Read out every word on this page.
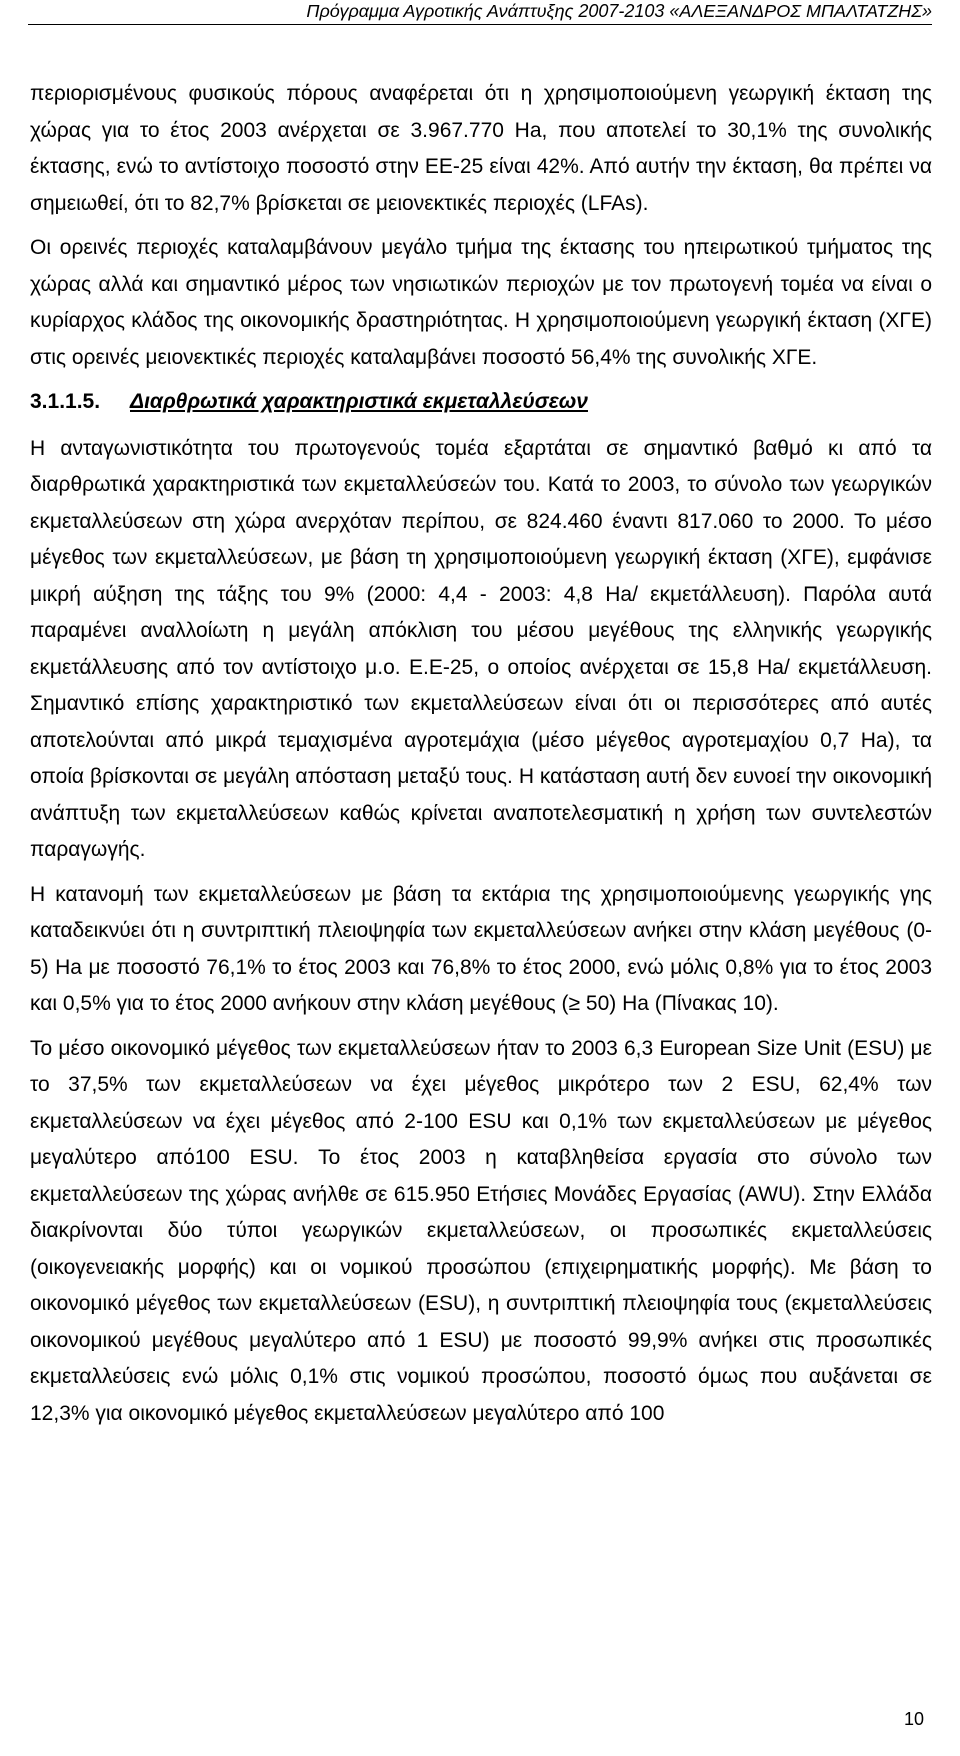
Πρόγραμμα Αγροτικής Ανάπτυξης 2007-2103 «ΑΛΕΞΑΝΔΡΟΣ ΜΠΑΛΤΑΤΖΗΣ»

περιορισμένους φυσικούς πόρους αναφέρεται ότι η χρησιμοποιούμενη γεωργική έκταση της χώρας για το έτος 2003 ανέρχεται σε 3.967.770 Ηa, που αποτελεί το 30,1% της συνολικής έκτασης, ενώ το αντίστοιχο ποσοστό στην ΕΕ-25 είναι 42%. Από αυτήν την έκταση, θα πρέπει να σημειωθεί, ότι το 82,7% βρίσκεται σε μειονεκτικές περιοχές (LFAs).

Οι ορεινές περιοχές καταλαμβάνουν μεγάλο τμήμα της έκτασης του ηπειρωτικού τμήματος της χώρας αλλά και σημαντικό μέρος των νησιωτικών περιοχών με τον πρωτογενή τομέα να είναι ο κυρίαρχος κλάδος της οικονομικής δραστηριότητας. Η χρησιμοποιούμενη γεωργική έκταση (ΧΓΕ) στις ορεινές μειονεκτικές περιοχές καταλαμβάνει ποσοστό 56,4% της συνολικής ΧΓΕ.

3.1.1.5. Διαρθρωτικά χαρακτηριστικά εκμεταλλεύσεων

Η ανταγωνιστικότητα του πρωτογενούς τομέα εξαρτάται σε σημαντικό βαθμό κι από τα διαρθρωτικά χαρακτηριστικά των εκμεταλλεύσεών του. Κατά το 2003, το σύνολο των γεωργικών εκμεταλλεύσεων στη χώρα ανερχόταν περίπου, σε 824.460 έναντι 817.060 το 2000. Το μέσο μέγεθος των εκμεταλλεύσεων, με βάση τη χρησιμοποιούμενη γεωργική έκταση (ΧΓΕ), εμφάνισε μικρή αύξηση της τάξης του 9% (2000: 4,4 - 2003: 4,8 Ha/ εκμετάλλευση). Παρόλα αυτά παραμένει αναλλοίωτη η μεγάλη απόκλιση του μέσου μεγέθους της ελληνικής γεωργικής εκμετάλλευσης από τον αντίστοιχο μ.ο. Ε.Ε-25, ο οποίος ανέρχεται σε 15,8 Ha/ εκμετάλλευση. Σημαντικό επίσης χαρακτηριστικό των εκμεταλλεύσεων είναι ότι οι περισσότερες από αυτές αποτελούνται από μικρά τεμαχισμένα αγροτεμάχια (μέσο μέγεθος αγροτεμαχίου 0,7 Ha), τα οποία βρίσκονται σε μεγάλη απόσταση μεταξύ τους. Η κατάσταση αυτή δεν ευνοεί την οικονομική ανάπτυξη των εκμεταλλεύσεων καθώς κρίνεται αναποτελεσματική η χρήση των συντελεστών παραγωγής.

Η κατανομή των εκμεταλλεύσεων με βάση τα εκτάρια της χρησιμοποιούμενης γεωργικής γης καταδεικνύει ότι η συντριπτική πλειοψηφία των εκμεταλλεύσεων ανήκει στην κλάση μεγέθους (0-5) Ηa με ποσοστό 76,1% το έτος 2003 και 76,8% το έτος 2000, ενώ μόλις 0,8% για το έτος 2003 και 0,5% για το έτος 2000 ανήκουν στην κλάση μεγέθους (≥ 50) Ηa (Πίνακας 10).

Το μέσο οικονομικό μέγεθος των εκμεταλλεύσεων ήταν το 2003 6,3 European Size Unit (ESU) με το 37,5% των εκμεταλλεύσεων να έχει μέγεθος μικρότερο των 2 ESU, 62,4% των εκμεταλλεύσεων να έχει μέγεθος από 2-100 ESU και 0,1% των εκμεταλλεύσεων με μέγεθος μεγαλύτερο από100 ESU. Το έτος 2003 η καταβληθείσα εργασία στο σύνολο των εκμεταλλεύσεων της χώρας ανήλθε σε 615.950 Ετήσιες Μονάδες Εργασίας (AWU). Στην Ελλάδα διακρίνονται δύο τύποι γεωργικών εκμεταλλεύσεων, οι προσωπικές εκμεταλλεύσεις (οικογενειακής μορφής) και οι νομικού προσώπου (επιχειρηματικής μορφής). Με βάση το οικονομικό μέγεθος των εκμεταλλεύσεων (ESU), η συντριπτική πλειοψηφία τους (εκμεταλλεύσεις οικονομικού μεγέθους μεγαλύτερο από 1 ESU) με ποσοστό 99,9% ανήκει στις προσωπικές εκμεταλλεύσεις ενώ μόλις 0,1% στις νομικού προσώπου, ποσοστό όμως που αυξάνεται σε 12,3% για οικονομικό μέγεθος εκμεταλλεύσεων μεγαλύτερο από 100

10
